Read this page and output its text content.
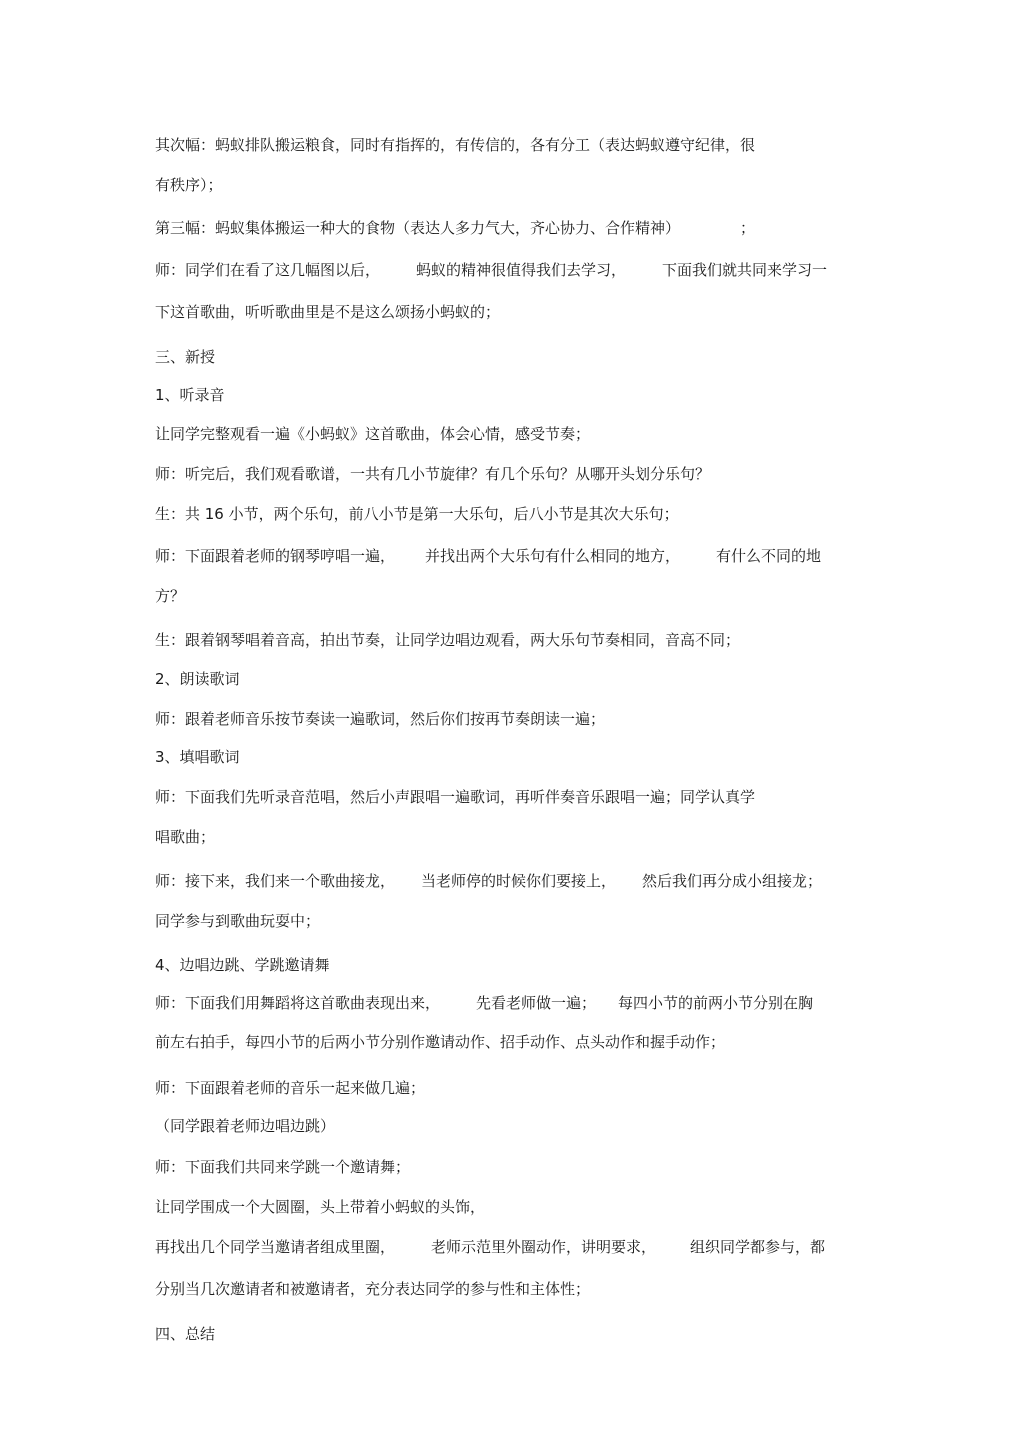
其次幅：蚂蚁排队搬运粮食，同时有指挥的，有传信的，各有分工（表达蚂蚁遵守纪律，很
有秩序）；
第三幅：蚂蚁集体搬运一种大的食物（表达人多力气大，齐心协力、合作精神）	；
师：同学们在看了这几幅图以后， 蚂蚁的精神很值得我们去学习， 下面我们就共同来学习一
下这首歌曲，听听歌曲里是不是这么颂扬小蚂蚁的；
三、新授
1、听录音
让同学完整观看一遍《小蚂蚁》这首歌曲，体会心情，感受节奏；
师：听完后，我们观看歌谱，一共有几小节旋律？有几个乐句？从哪开头划分乐句？
生：共 16 小节，两个乐句，前八小节是第一大乐句，后八小节是其次大乐句；
师：下面跟着老师的钢琴哼唱一遍， 并找出两个大乐句有什么相同的地方， 有什么不同的地
方？
生：跟着钢琴唱着音高，拍出节奏，让同学边唱边观看，两大乐句节奏相同，音高不同；
2、朗读歌词
师：跟着老师音乐按节奏读一遍歌词，然后你们按再节奏朗读一遍；
3、填唱歌词
师：下面我们先听录音范唱，然后小声跟唱一遍歌词，再听伴奏音乐跟唱一遍；同学认真学
唱歌曲；
师：接下来，我们来一个歌曲接龙， 当老师停的时候你们要接上， 然后我们再分成小组接龙；
同学参与到歌曲玩耍中；
4、边唱边跳、学跳邀请舞
师：下面我们用舞蹈将这首歌曲表现出来， 先看老师做一遍； 每四小节的前两小节分别在胸
前左右拍手，每四小节的后两小节分别作邀请动作、招手动作、点头动作和握手动作；
师：下面跟着老师的音乐一起来做几遍；
（同学跟着老师边唱边跳）
师：下面我们共同来学跳一个邀请舞；
让同学围成一个大圆圈，头上带着小蚂蚁的头饰，
再找出几个同学当邀请者组成里圈， 老师示范里外圈动作，讲明要求， 组织同学都参与，都
分别当几次邀请者和被邀请者，充分表达同学的参与性和主体性；
四、总结
